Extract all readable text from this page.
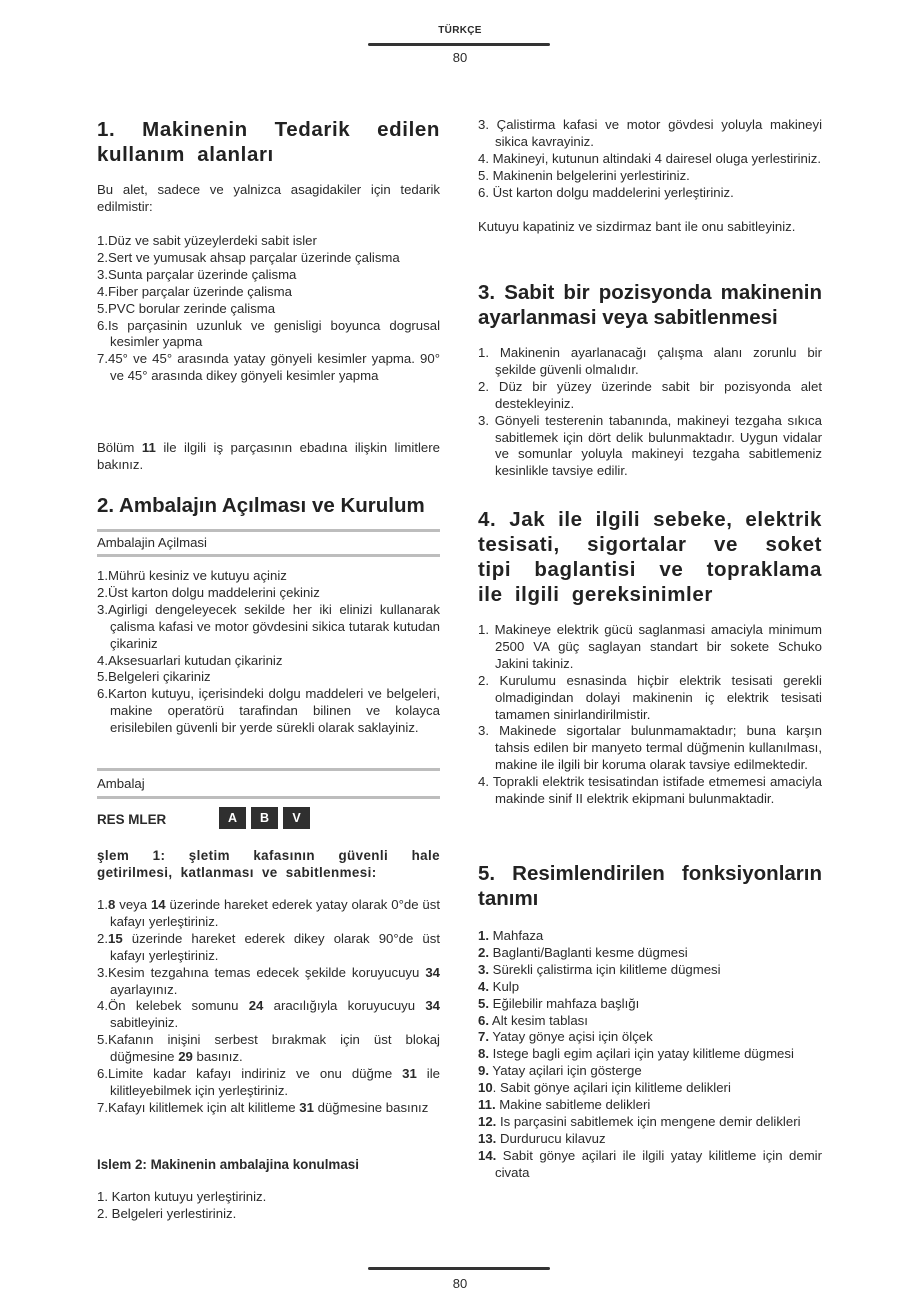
TÜRKÇE
80
1. Makinenin Tedarik edilen kullanım alanları
Bu alet, sadece ve yalnizca asagidakiler için tedarik edilmistir:
1.Düz ve sabit yüzeylerdeki sabit isler
2.Sert ve yumusak ahsap parçalar üzerinde çalisma
3.Sunta parçalar üzerinde çalisma
4.Fiber parçalar üzerinde çalisma
5.PVC borular zerinde çalisma
6.Is parçasinin uzunluk ve genisligi boyunca dogrusal kesimler yapma
7.45° ve 45° arasında yatay gönyeli kesimler yapma. 90° ve 45° arasında dikey gönyeli kesimler yapma
Bölüm 11 ile ilgili iş parçasının ebadına ilişkin limitlere bakınız.
2. Ambalajın Açılması ve Kurulum
Ambalajin Açilmasi
1.Mührü kesiniz ve kutuyu açiniz
2.Üst karton dolgu maddelerini çekiniz
3.Agirligi dengeleyecek sekilde her iki elinizi kullanarak çalisma kafasi ve motor gövdesini sikica tutarak kutudan çikariniz
4.Aksesuarlari kutudan çikariniz
5.Belgeleri çikariniz
6.Karton kutuyu, içerisindeki dolgu maddeleri ve belgeleri, makine operatörü tarafindan bilinen ve kolayca erisilebilen güvenli bir yerde sürekli olarak saklayiniz.
Ambalaj
RES MLER	A B V
şlem 1: şletim kafasının güvenli hale getirilmesi, katlanması ve sabitlenmesi:
1.8 veya 14 üzerinde hareket ederek yatay olarak 0°de üst kafayı yerleştiriniz.
2.15 üzerinde hareket ederek dikey olarak 90°de üst kafayı yerleştiriniz.
3.Kesim tezgahına temas edecek şekilde koruyucuyu 34 ayarlayınız.
4.Ön kelebek somunu 24 aracılığıyla koruyucuyu 34 sabitleyiniz.
5.Kafanın inişini serbest bırakmak için üst blokaj düğmesine 29 basınız.
6.Limite kadar kafayı indiriniz ve onu düğme 31 ile kilitleyebilmek için yerleştiriniz.
7.Kafayı kilitlemek için alt kilitleme 31 düğmesine basınız
Islem 2: Makinenin ambalajina konulmasi
1. Karton kutuyu yerleştiriniz.
2. Belgeleri yerlestiriniz.
3. Çalistirma kafasi ve motor gövdesi yoluyla makineyi sikica kavrayiniz.
4. Makineyi, kutunun altindaki 4 dairesel oluga yerlestiriniz.
5. Makinenin belgelerini yerlestiriniz.
6. Üst karton dolgu maddelerini yerleştiriniz.
Kutuyu kapatiniz ve sizdirmaz bant ile onu sabitleyiniz.
3. Sabit bir pozisyonda makinenin ayarlanmasi veya sabitlenmesi
1. Makinenin ayarlanacağı çalışma alanı zorunlu bir şekilde güvenli olmalıdır.
2. Düz bir yüzey üzerinde sabit bir pozisyonda alet destekleyiniz.
3. Gönyeli testerenin tabanında, makineyi tezgaha sıkıca sabitlemek için dört delik bulunmaktadır. Uygun vidalar ve somunlar yoluyla makineyi tezgaha sabitlemeniz kesinlikle tavsiye edilir.
4. Jak ile ilgili sebeke, elektrik tesisati, sigortalar ve soket tipi baglantisi ve topraklama ile ilgili gereksinimler
1. Makineye elektrik gücü saglanmasi amaciyla minimum 2500 VA güç saglayan standart bir sokete Schuko Jakini takiniz.
2. Kurulumu esnasinda hiçbir elektrik tesisati gerekli olmadigindan dolayi makinenin iç elektrik tesisati tamamen sinirlandirilmistir.
3. Makinede sigortalar bulunmamaktadır; buna karşın tahsis edilen bir manyeto termal düğmenin kullanılması, makine ile ilgili bir koruma olarak tavsiye edilmektedir.
4. Toprakli elektrik tesisatindan istifade etmemesi amaciyla makinde sinif II elektrik ekipmani bulunmaktadir.
5. Resimlendirilen fonksiyonların tanımı
1. Mahfaza
2. Baglanti/Baglanti kesme dügmesi
3. Sürekli çalistirma için kilitleme dügmesi
4. Kulp
5. Eğilebilir mahfaza başlığı
6. Alt kesim tablası
7. Yatay gönye açisi için ölçek
8. Istege bagli egim açilari için yatay kilitleme dügmesi
9. Yatay açilari için gösterge
10. Sabit gönye açilari için kilitleme delikleri
11. Makine sabitleme delikleri
12. Is parçasini sabitlemek için mengene demir delikleri
13. Durdurucu kilavuz
14. Sabit gönye açilari ile ilgili yatay kilitleme için demir civata
80
